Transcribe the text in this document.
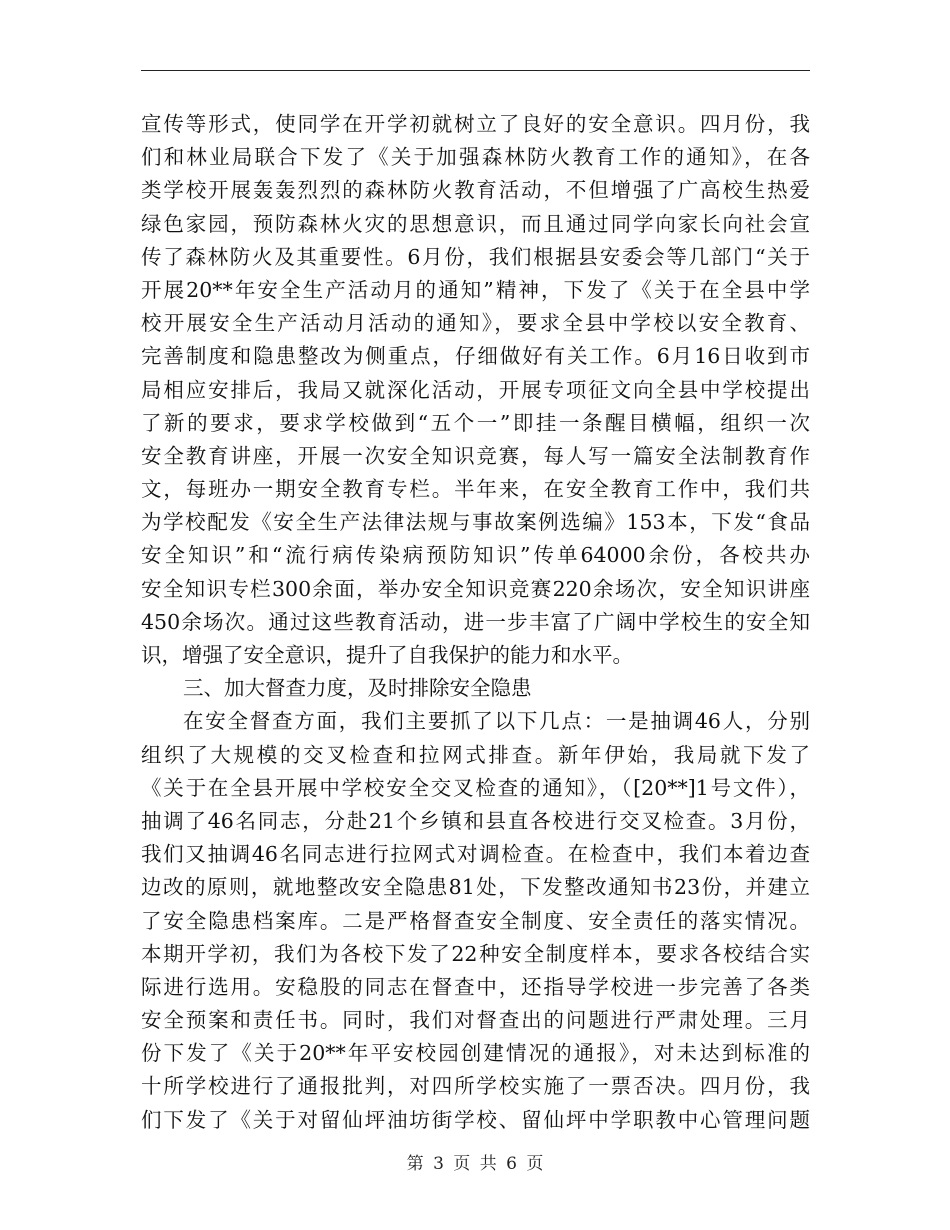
宣传等形式，使同学在开学初就树立了良好的安全意识。四月份，我
们和林业局联合下发了《关于加强森林防火教育工作的通知》，在各
类学校开展轰轰烈烈的森林防火教育活动，不但增强了广高校生热爱
绿色家园，预防森林火灾的思想意识，而且通过同学向家长向社会宣
传了森林防火及其重要性。6月份，我们根据县安委会等几部门“关于
开展20**年安全生产活动月的通知”精神，下发了《关于在全县中学
校开展安全生产活动月活动的通知》，要求全县中学校以安全教育、
完善制度和隐患整改为侧重点，仔细做好有关工作。6月16日收到市
局相应安排后，我局又就深化活动，开展专项征文向全县中学校提出
了新的要求，要求学校做到“五个一”即挂一条醒目横幅，组织一次
安全教育讲座，开展一次安全知识竞赛，每人写一篇安全法制教育作
文，每班办一期安全教育专栏。半年来，在安全教育工作中，我们共
为学校配发《安全生产法律法规与事故案例选编》153本，下发“食品
安全知识”和“流行病传染病预防知识”传单64000余份，各校共办
安全知识专栏300余面，举办安全知识竞赛220余场次，安全知识讲座
450余场次。通过这些教育活动，进一步丰富了广阔中学校生的安全知
识，增强了安全意识，提升了自我保护的能力和水平。
三、加大督查力度，及时排除安全隐患
在安全督查方面，我们主要抓了以下几点：一是抽调46人，分别
组织了大规模的交叉检查和拉网式排查。新年伊始，我局就下发了
《关于在全县开展中学校安全交叉检查的通知》，（[20**]1号文件），
抽调了46名同志，分赴21个乡镇和县直各校进行交叉检查。3月份，
我们又抽调46名同志进行拉网式对调检查。在检查中，我们本着边查
边改的原则，就地整改安全隐患81处，下发整改通知书23份，并建立
了安全隐患档案库。二是严格督查安全制度、安全责任的落实情况。
本期开学初，我们为各校下发了22种安全制度样本，要求各校结合实
际进行选用。安稳股的同志在督查中，还指导学校进一步完善了各类
安全预案和责任书。同时，我们对督查出的问题进行严肃处理。三月
份下发了《关于20**年平安校园创建情况的通报》，对未达到标准的
十所学校进行了通报批判，对四所学校实施了一票否决。四月份，我
们下发了《关于对留仙坪油坊街学校、留仙坪中学职教中心管理问题
第 3 页 共 6 页
